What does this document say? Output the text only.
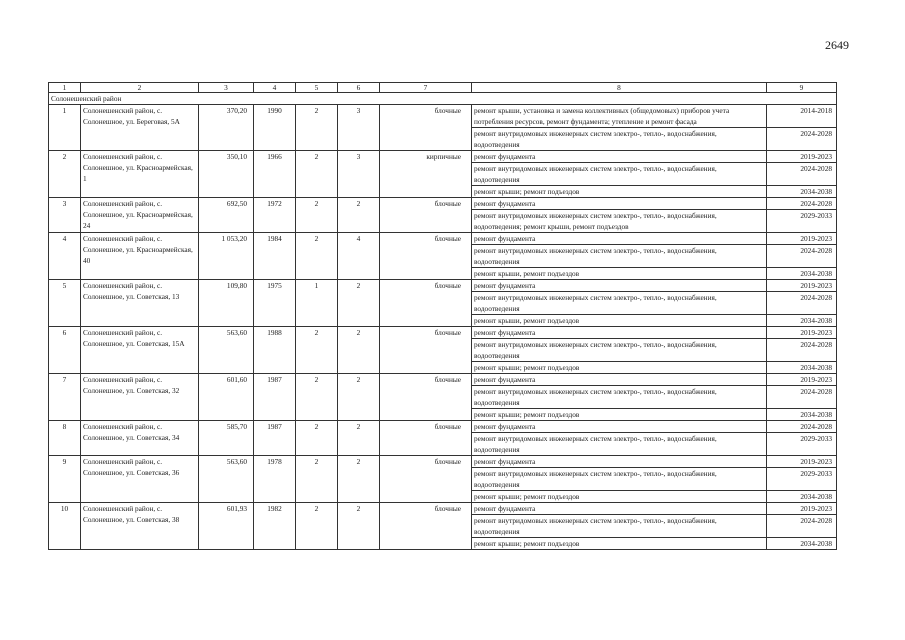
2649
1	2	3	4	5	6	7	8	9
Солонешенский район								
1	Солонешенский район, с. Солонешное, ул. Береговая, 5А	370,20	1990	2	3	блочные	ремонт крыши, установка и замена коллективных (общедомовых) приборов учета потребления ресурсов, ремонт фундамента; утепление и ремонт фасада	2014-2018
							ремонт внутридомовых инженерных систем электро-, тепло-, водоснабжения, водоотведения	2024-2028
2	Солонешенский район, с. Солонешное, ул. Красноармейская, 1	350,10	1966	2	3	кирпичные	ремонт фундамента	2019-2023
							ремонт внутридомовых инженерных систем электро-, тепло-, водоснабжения, водоотведения	2024-2028
							ремонт крыши; ремонт подъездов	2034-2038
3	Солонешенский район, с. Солонешное, ул. Красноармейская, 24	692,50	1972	2	2	блочные	ремонт фундамента	2024-2028
							ремонт внутридомовых инженерных систем электро-, тепло-, водоснабжения, водоотведения; ремонт крыши, ремонт подъездов	2029-2033
4	Солонешенский район, с. Солонешное, ул. Красноармейская, 40	1 053,20	1984	2	4	блочные	ремонт фундамента	2019-2023
							ремонт внутридомовых инженерных систем электро-, тепло-, водоснабжения, водоотведения	2024-2028
							ремонт крыши, ремонт подъездов	2034-2038
5	Солонешенский район, с. Солонешное, ул. Советская, 13	109,80	1975	1	2	блочные	ремонт фундамента	2019-2023
							ремонт внутридомовых инженерных систем электро-, тепло-, водоснабжения, водоотведения	2024-2028
							ремонт крыши, ремонт подъездов	2034-2038
6	Солонешенский район, с. Солонешное, ул. Советская, 15А	563,60	1988	2	2	блочные	ремонт фундамента	2019-2023
							ремонт внутридомовых инженерных систем электро-, тепло-, водоснабжения, водоотведения	2024-2028
							ремонт крыши; ремонт подъездов	2034-2038
7	Солонешенский район, с. Солонешное, ул. Советская, 32	601,60	1987	2	2	блочные	ремонт фундамента	2019-2023
							ремонт внутридомовых инженерных систем электро-, тепло-, водоснабжения, водоотведения	2024-2028
							ремонт крыши; ремонт подъездов	2034-2038
8	Солонешенский район, с. Солонешное, ул. Советская, 34	585,70	1987	2	2	блочные	ремонт фундамента	2024-2028
							ремонт внутридомовых инженерных систем электро-, тепло-, водоснабжения, водоотведения	2029-2033
9	Солонешенский район, с. Солонешное, ул. Советская, 36	563,60	1978	2	2	блочные	ремонт фундамента	2019-2023
							ремонт внутридомовых инженерных систем электро-, тепло-, водоснабжения, водоотведения	2029-2033
							ремонт крыши; ремонт подъездов	2034-2038
10	Солонешенский район, с. Солонешное, ул. Советская, 38	601,93	1982	2	2	блочные	ремонт фундамента	2019-2023
							ремонт внутридомовых инженерных систем электро-, тепло-, водоснабжения, водоотведения	2024-2028
							ремонт крыши; ремонт подъездов	2034-2038
